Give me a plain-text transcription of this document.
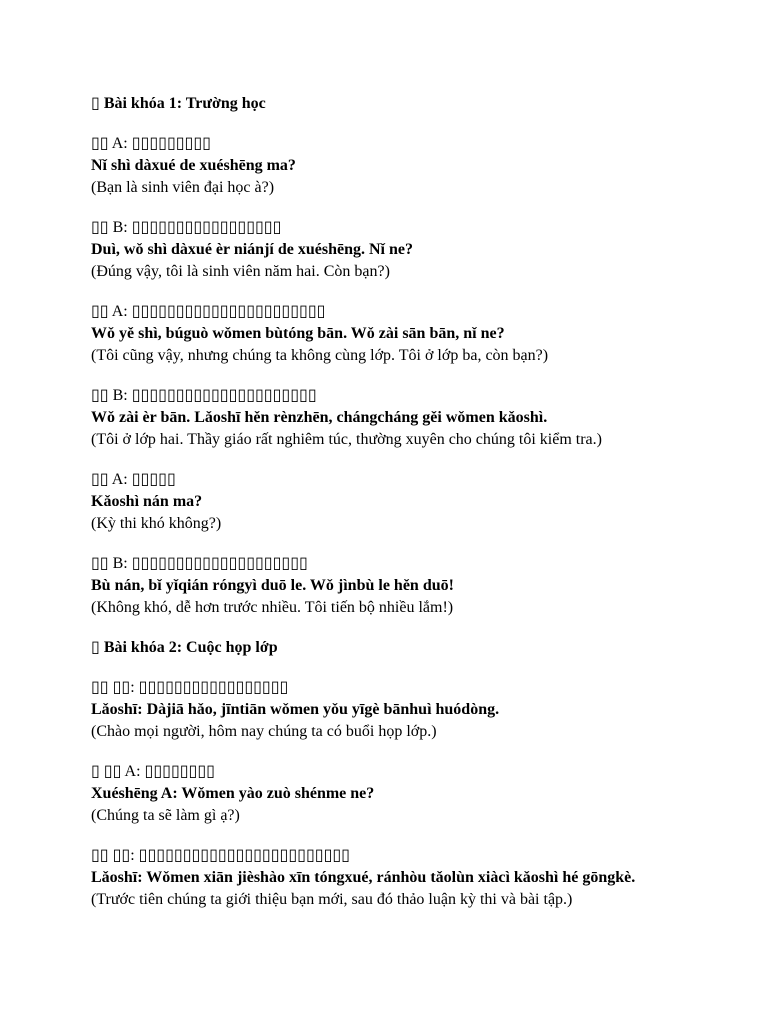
▯ Bài khóa 1: Trường học

▯▯ A: ▯▯▯▯▯▯▯▯▯

Nǐ shì dàxué de xuéshēng ma?

(Bạn là sinh viên đại học à?)

▯▯ B: ▯▯▯▯▯▯▯▯▯▯▯▯▯▯▯▯▯

Duì, wǒ shì dàxué èr niánjí de xuéshēng. Nǐ ne?

(Đúng vậy, tôi là sinh viên năm hai. Còn bạn?)

▯▯ A: ▯▯▯▯▯▯▯▯▯▯▯▯▯▯▯▯▯▯▯▯▯▯

Wǒ yě shì, búguò wǒmen bùtóng bān. Wǒ zài sān bān, nǐ ne?

(Tôi cũng vậy, nhưng chúng ta không cùng lớp. Tôi ở lớp ba, còn bạn?)

▯▯ B: ▯▯▯▯▯▯▯▯▯▯▯▯▯▯▯▯▯▯▯▯▯

Wǒ zài èr bān. Lǎoshī hěn rènzhēn, chángcháng gěi wǒmen kǎoshì.

(Tôi ở lớp hai. Thầy giáo rất nghiêm túc, thường xuyên cho chúng tôi kiểm tra.)

▯▯ A: ▯▯▯▯▯

Kǎoshì nán ma?

(Kỳ thi khó không?)

▯▯ B: ▯▯▯▯▯▯▯▯▯▯▯▯▯▯▯▯▯▯▯▯

Bù nán, bǐ yǐqián róngyì duō le. Wǒ jìnbù le hěn duō!

(Không khó, dễ hơn trước nhiều. Tôi tiến bộ nhiều lắm!)

▯ Bài khóa 2: Cuộc họp lớp

▯▯ ▯▯: ▯▯▯▯▯▯▯▯▯▯▯▯▯▯▯▯▯

Lǎoshī: Dàjiā hǎo, jīntiān wǒmen yǒu yīgè bānhuì huódòng.

(Chào mọi người, hôm nay chúng ta có buổi họp lớp.)

▯ ▯▯ A: ▯▯▯▯▯▯▯▯

Xuéshēng A: Wǒmen yào zuò shénme ne?

(Chúng ta sẽ làm gì ạ?)

▯▯ ▯▯: ▯▯▯▯▯▯▯▯▯▯▯▯▯▯▯▯▯▯▯▯▯▯▯▯

Lǎoshī: Wǒmen xiān jièshào xīn tóngxué, ránhòu tǎolùn xiàcì kǎoshì hé gōngkè.

(Trước tiên chúng ta giới thiệu bạn mới, sau đó thảo luận kỳ thi và bài tập.)
